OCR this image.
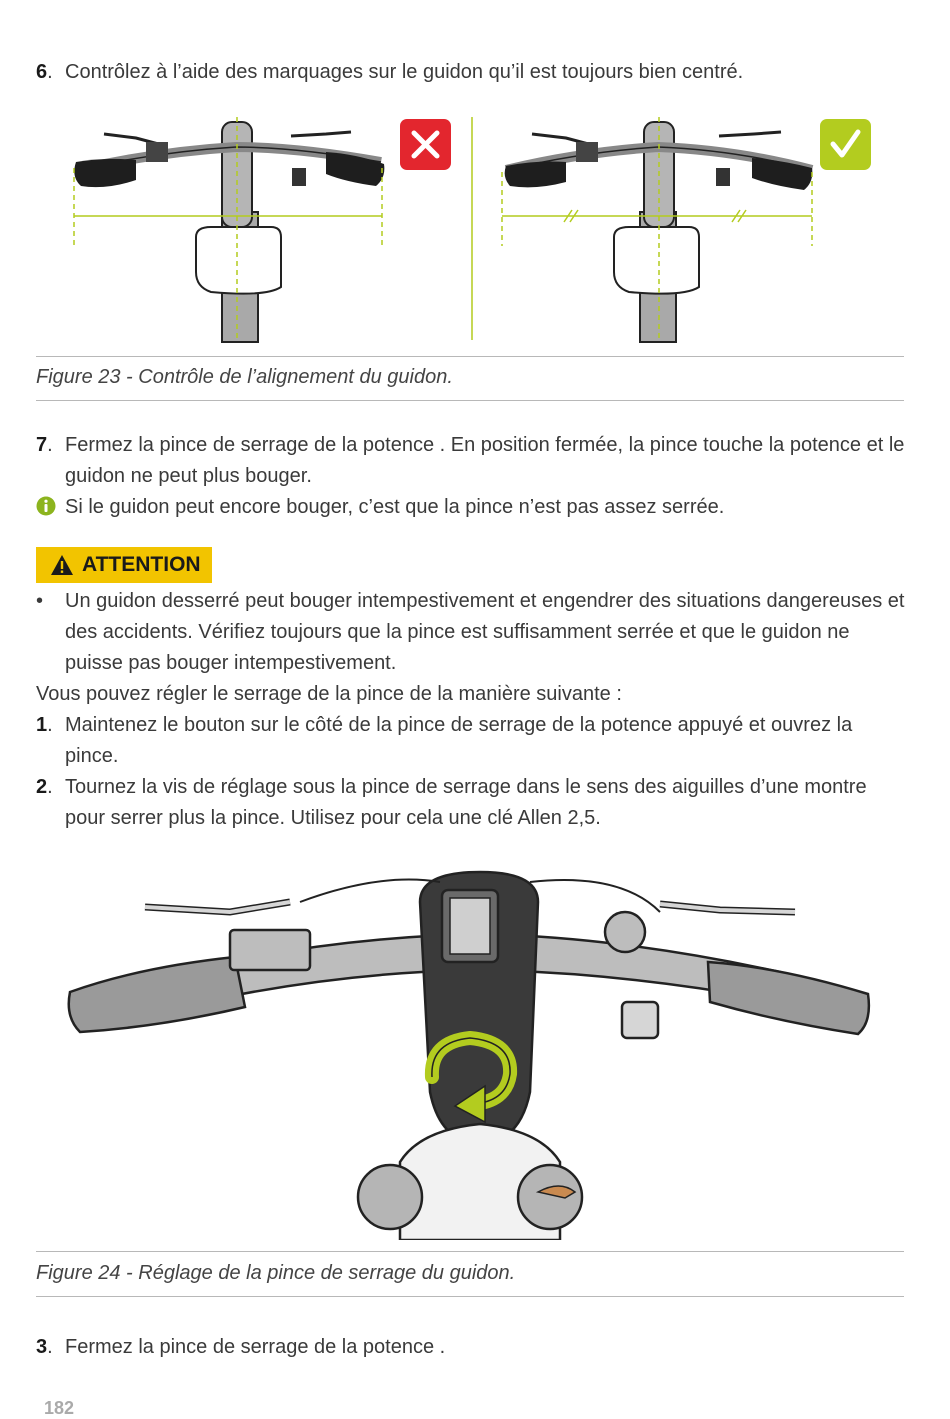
6. Contrôlez à l’aide des marquages sur le guidon qu’il est toujours bien centré.
Figure 23 - Contrôle de l’alignement du guidon.
7. Fermez la pince de serrage de la potence . En position fermée, la pince touche la potence et le guidon ne peut plus bouger.
Si le guidon peut encore bouger, c’est que la pince n’est pas assez serrée.
ATTENTION
• Un guidon desserré peut bouger intempestivement et engendrer des situations dangereuses et des accidents. Vérifiez toujours que la pince est suffisamment serrée et que le guidon ne puisse pas bouger intempestivement.
Vous pouvez régler le serrage de la pince de la manière suivante :
1. Maintenez le bouton sur le côté de la pince de serrage de la potence appuyé et ouvrez la pince.
2. Tournez la vis de réglage sous la pince de serrage dans le sens des aiguilles d’une montre pour serrer plus la pince. Utilisez pour cela une clé Allen 2,5.
Figure 24 - Réglage de la pince de serrage du guidon.
3. Fermez la pince de serrage de la potence .
182
